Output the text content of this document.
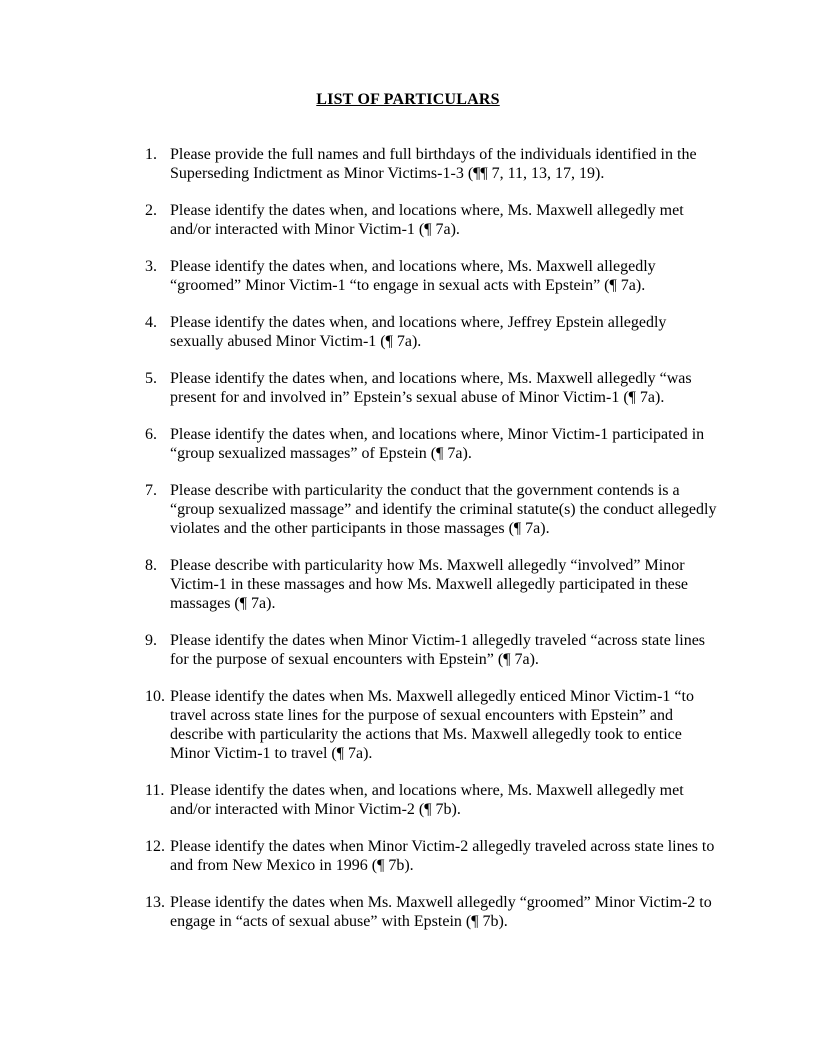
LIST OF PARTICULARS
1. Please provide the full names and full birthdays of the individuals identified in the Superseding Indictment as Minor Victims-1-3 (¶¶ 7, 11, 13, 17, 19).
2. Please identify the dates when, and locations where, Ms. Maxwell allegedly met and/or interacted with Minor Victim-1 (¶ 7a).
3. Please identify the dates when, and locations where, Ms. Maxwell allegedly “groomed” Minor Victim-1 “to engage in sexual acts with Epstein” (¶ 7a).
4. Please identify the dates when, and locations where, Jeffrey Epstein allegedly sexually abused Minor Victim-1 (¶ 7a).
5. Please identify the dates when, and locations where, Ms. Maxwell allegedly “was present for and involved in” Epstein’s sexual abuse of Minor Victim-1 (¶ 7a).
6. Please identify the dates when, and locations where, Minor Victim-1 participated in “group sexualized massages” of Epstein (¶ 7a).
7. Please describe with particularity the conduct that the government contends is a “group sexualized massage” and identify the criminal statute(s) the conduct allegedly violates and the other participants in those massages (¶ 7a).
8. Please describe with particularity how Ms. Maxwell allegedly “involved” Minor Victim-1 in these massages and how Ms. Maxwell allegedly participated in these massages (¶ 7a).
9. Please identify the dates when Minor Victim-1 allegedly traveled “across state lines for the purpose of sexual encounters with Epstein” (¶ 7a).
10. Please identify the dates when Ms. Maxwell allegedly enticed Minor Victim-1 “to travel across state lines for the purpose of sexual encounters with Epstein” and describe with particularity the actions that Ms. Maxwell allegedly took to entice Minor Victim-1 to travel (¶ 7a).
11. Please identify the dates when, and locations where, Ms. Maxwell allegedly met and/or interacted with Minor Victim-2 (¶ 7b).
12. Please identify the dates when Minor Victim-2 allegedly traveled across state lines to and from New Mexico in 1996 (¶ 7b).
13. Please identify the dates when Ms. Maxwell allegedly “groomed” Minor Victim-2 to engage in “acts of sexual abuse” with Epstein (¶ 7b).
